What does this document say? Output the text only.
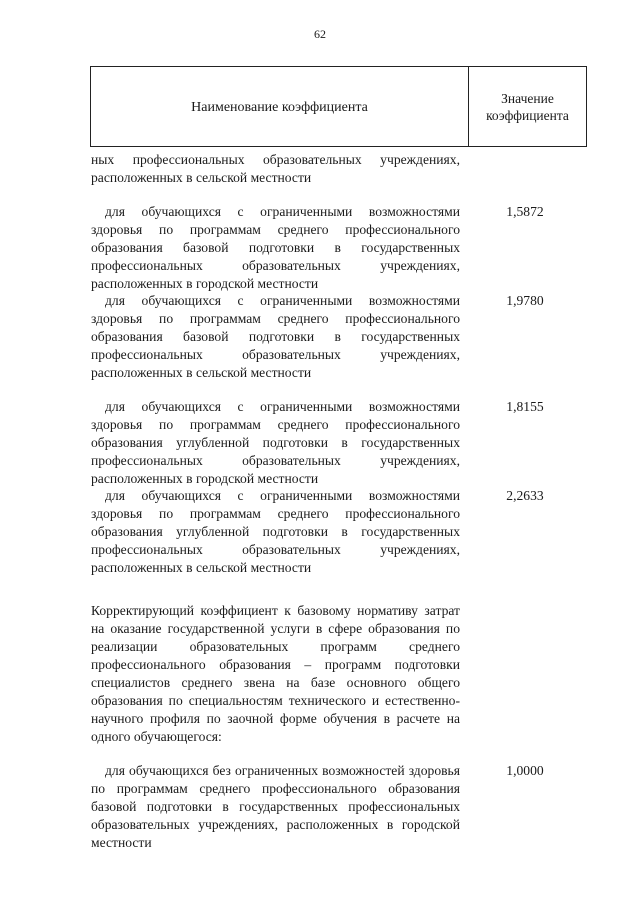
62
Наименование коэффициента
Значение
коэффициента
ных профессиональных образовательных учреждениях, расположенных в сельской местности
для обучающихся с ограниченными возможностями здоровья по программам среднего профессионального образования базовой подготовки в государственных профессиональных образовательных учреждениях, расположенных в городской местности
1,5872
для обучающихся с ограниченными возможностями здоровья по программам среднего профессионального образования базовой подготовки в государственных профессиональных образовательных учреждениях, расположенных в сельской местности
1,9780
для обучающихся с ограниченными возможностями здоровья по программам среднего профессионального образования углубленной подготовки в государственных профессиональных образовательных учреждениях, расположенных в городской местности
1,8155
для обучающихся с ограниченными возможностями здоровья по программам среднего профессионального образования углубленной подготовки в государственных профессиональных образовательных учреждениях, расположенных в сельской местности
2,2633
Корректирующий коэффициент к базовому нормативу затрат на оказание государственной услуги в сфере образования по реализации образовательных программ среднего профессионального образования – программ подготовки специалистов среднего звена на базе основного общего образования по специальностям технического и естественно-научного профиля по заочной форме обучения в расчете на одного обучающегося:
для обучающихся без ограниченных возможностей здоровья по программам среднего профессионального образования базовой подготовки в государственных профессиональных образовательных учреждениях, расположенных в городской местности
1,0000
